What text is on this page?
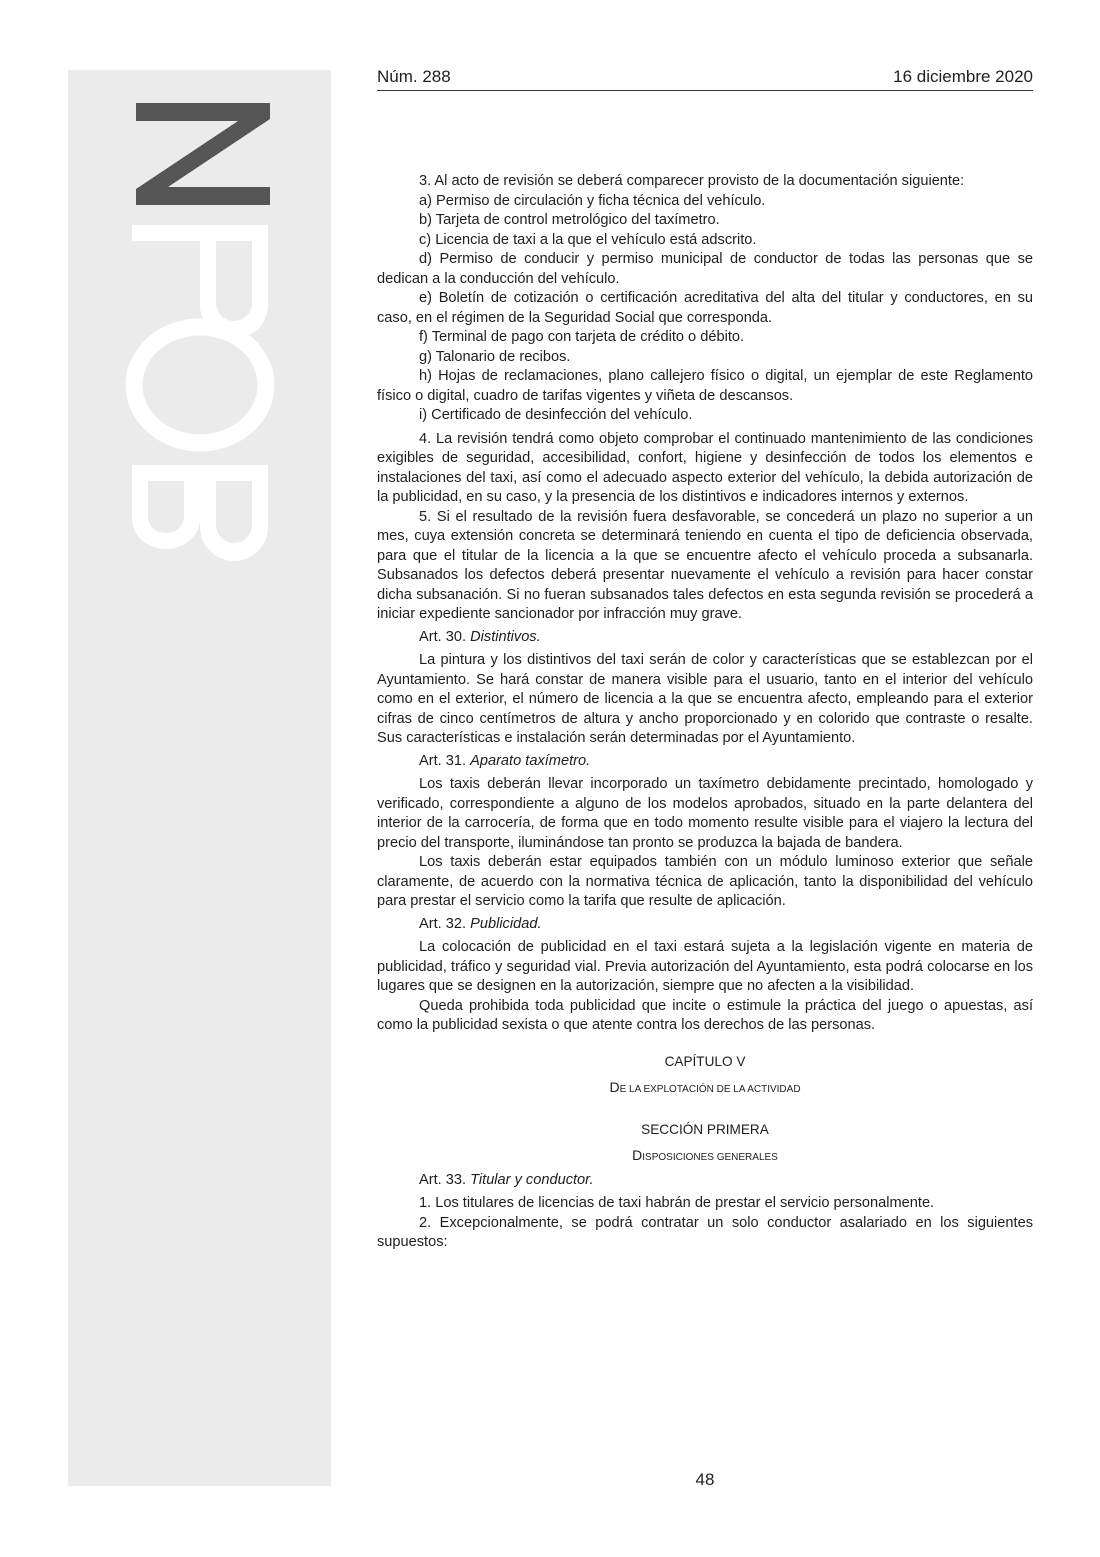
Núm. 288	16 diciembre 2020

3. Al acto de revisión se deberá comparecer provisto de la documentación siguiente:

a) Permiso de circulación y ficha técnica del vehículo.

b) Tarjeta de control metrológico del taxímetro.

c) Licencia de taxi a la que el vehículo está adscrito.

d) Permiso de conducir y permiso municipal de conductor de todas las personas que se dedican a la conducción del vehículo.

e) Boletín de cotización o certificación acreditativa del alta del titular y conductores, en su caso, en el régimen de la Seguridad Social que corresponda.

f) Terminal de pago con tarjeta de crédito o débito.

g) Talonario de recibos.

h) Hojas de reclamaciones, plano callejero físico o digital, un ejemplar de este Reglamento físico o digital, cuadro de tarifas vigentes y viñeta de descansos.

i) Certificado de desinfección del vehículo.

4. La revisión tendrá como objeto comprobar el continuado mantenimiento de las condiciones exigibles de seguridad, accesibilidad, confort, higiene y desinfección de todos los elementos e instalaciones del taxi, así como el adecuado aspecto exterior del vehículo, la debida autorización de la publicidad, en su caso, y la presencia de los distintivos e indicadores internos y externos.

5. Si el resultado de la revisión fuera desfavorable, se concederá un plazo no superior a un mes, cuya extensión concreta se determinará teniendo en cuenta el tipo de deficiencia observada, para que el titular de la licencia a la que se encuentre afecto el vehículo proceda a subsanarla. Subsanados los defectos deberá presentar nuevamente el vehículo a revisión para hacer constar dicha subsanación. Si no fueran subsanados tales defectos en esta segunda revisión se procederá a iniciar expediente sancionador por infracción muy grave.

Art. 30. Distintivos.

La pintura y los distintivos del taxi serán de color y características que se establezcan por el Ayuntamiento. Se hará constar de manera visible para el usuario, tanto en el interior del vehículo como en el exterior, el número de licencia a la que se encuentra afecto, empleando para el exterior cifras de cinco centímetros de altura y ancho proporcionado y en colorido que contraste o resalte. Sus características e instalación serán determinadas por el Ayuntamiento.

Art. 31. Aparato taxímetro.

Los taxis deberán llevar incorporado un taxímetro debidamente precintado, homologado y verificado, correspondiente a alguno de los modelos aprobados, situado en la parte delantera del interior de la carrocería, de forma que en todo momento resulte visible para el viajero la lectura del precio del transporte, iluminándose tan pronto se produzca la bajada de bandera.

Los taxis deberán estar equipados también con un módulo luminoso exterior que señale claramente, de acuerdo con la normativa técnica de aplicación, tanto la disponibilidad del vehículo para prestar el servicio como la tarifa que resulte de aplicación.

Art. 32. Publicidad.

La colocación de publicidad en el taxi estará sujeta a la legislación vigente en materia de publicidad, tráfico y seguridad vial. Previa autorización del Ayuntamiento, esta podrá colocarse en los lugares que se designen en la autorización, siempre que no afecten a la visibilidad.

Queda prohibida toda publicidad que incite o estimule la práctica del juego o apuestas, así como la publicidad sexista o que atente contra los derechos de las personas.

CAPÍTULO V

DE LA EXPLOTACIÓN DE LA ACTIVIDAD

SECCIÓN PRIMERA

DISPOSICIONES GENERALES

Art. 33. Titular y conductor.

1. Los titulares de licencias de taxi habrán de prestar el servicio personalmente.

2. Excepcionalmente, se podrá contratar un solo conductor asalariado en los siguientes supuestos:

48
